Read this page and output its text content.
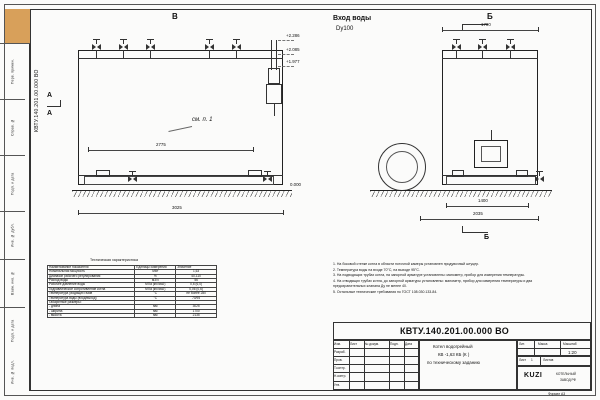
Перв. примен.
Справ. №
Подп. и дата
Инв. № дубл.
Взам. инв. №
Подп. и дата
Инв. № подл.
КВТУ.140.201.00.000 ВО
В
А
+2.286
+2.085
+1.977
Вход воды
Dу100
см. п. 1
0.000
2775
3025
А
Б
1700
1400
2035
Б
Техническая характеристика
Наименование показателя	Единицы измерения	Значение
Номинальная мощность	МВт	1,63
Диапазон рабочего регулирования	%	40-110
Расход воды	м3/ч	56
Рабочее давление воды	МПа (кгс/см2)	0,6 (6,0)
Гидравлическое сопротивление котла	МПа (кгс/см2)	0,06 (0,6)
Температура уходящих газов	°С	не более 280
Температура воды (вход/выход)	°С	70/95
Габаритные размеры:		
- длина	мм	3025
- ширина	мм	1700
- высота	мм	2135
1. На боковой стенке котла в области поточной камеры установлен продувочный штуцер.
2. Температура воды на входе 70°С, на выходе 95°С.
3. На подводящих трубах котла, на запорной арматуре установлены: манометр, прибор для измерения температуры.
4. На отводящих трубах котла, до запорной арматуры установлены: манометр, прибор для измерения температуры и два предохранительных клапана Ду не менее 40.
5. Остальные технические требования по ГОСТ 108.030.133-84.
КВТУ.140.201.00.000 ВО
Изм.	Лист	№ докум.	Подп. Дата
Разраб.
Пров.
Т.контр.
Н.контр.
Утв.
Котел водогрейный
КВ -1,63 КБ (К )
по техническому заданию
Лит.	Масса	Масштаб
1:20
Лист 1	Листов
KUZI	КОТЕЛЬНЫЙ
ЗАВОД РФ
Формат A3
